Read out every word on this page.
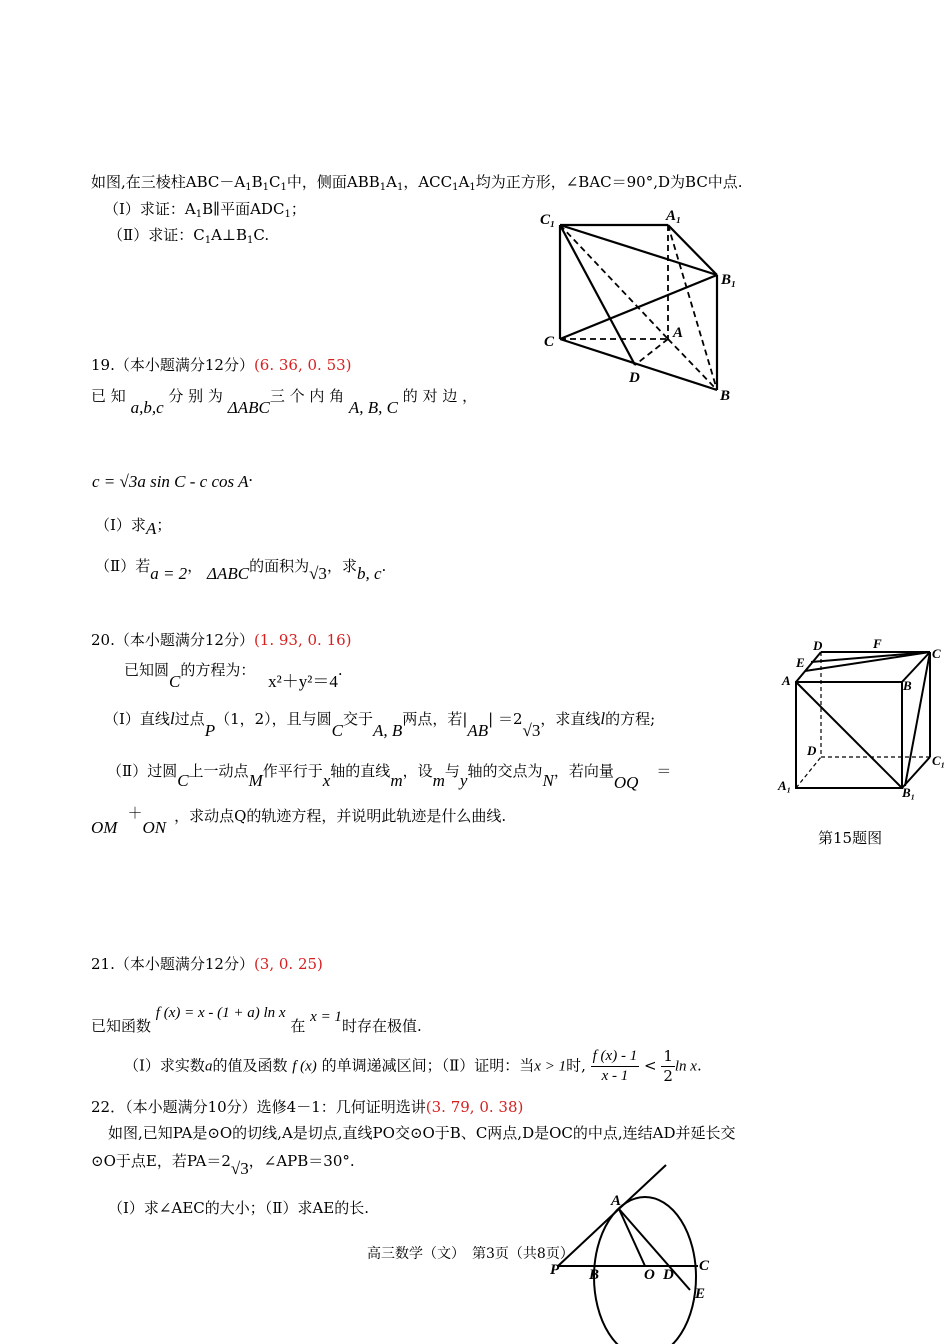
如图,在三棱柱$ABC-A_1B_1C_1$中，侧面$ABB_1A_1$，$ACC_1A_1$均为正方形，∠BAC＝90°,D为BC中点.
（Ⅰ）求证：$A_1B\parallel$平面$ADC_1$；
（Ⅱ）求证：$C_1A\perp B_1C$.
C₁	A₁
B₁
C
A
D
B
19.（本小题满分12分）(6. 36, 0. 53)
已 知 a,b,c 分 别 为 ΔABC三 个 内 角 A, B, C 的 对 边 ，
c = √3a sin C - c cos A.
（Ⅰ）求A；
（Ⅱ）若a = 2， ΔABC的面积为√3，求b, c.
20.（本小题满分12分）(1. 93, 0. 16)
已知圆C的方程为： x²＋y²＝4.
（Ⅰ）直线l过点P（1，2），且与圆C交于A, B两点，若|AB| ＝2√3，求直线l的方程;
（Ⅱ）过圆C上一动点M作平行于x轴的直线m，设m与y轴的交点为N，若向量OQ＝
OM＋ON，求动点Q的轨迹方程，并说明此轨迹是什么曲线.
D	F
C
E
A	B
D
C₁
A₁	B₁
第15题图
21.（本小题满分12分）(3, 0. 25)
已知函数 f (x) = x - (1 + a) ln x 在 x = 1时存在极值.
（Ⅰ）求实数a的值及函数 f (x) 的单调递减区间；（Ⅱ）证明：当x > 1时, $\frac{f (x) - 1}{x - 1} < \frac{1}{2}$ ln x.
22．（本小题满分10分）选修4－1：几何证明选讲(3. 79, 0. 38)
如图,已知PA是⊙O的切线,A是切点,直线PO交⊙O于B、C两点,D是OC的中点,连结AD并延长交
⊙O于点E，若PA＝2√3，∠APB＝30°.
（Ⅰ）求∠AEC的大小；（Ⅱ）求AE的长.	A
P B	O D
C
E
高三数学（文）　第3页（共8页）
